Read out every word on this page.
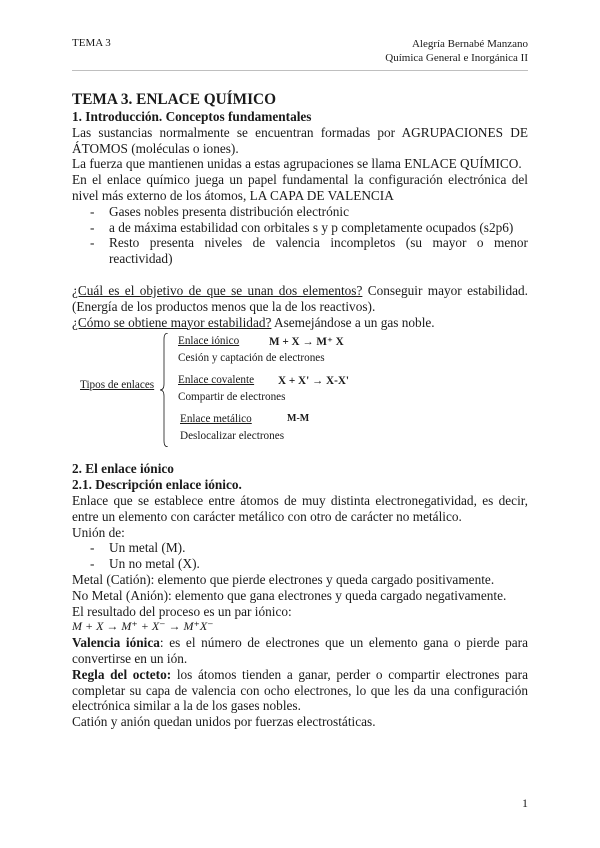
TEMA 3	Alegría Bernabé Manzano
Química General e Inorgánica II

TEMA 3. ENLACE QUÍMICO

1. Introducción. Conceptos fundamentales

Las sustancias normalmente se encuentran formadas por AGRUPACIONES DE ÁTOMOS (moléculas o iones).

La fuerza que mantienen unidas a estas agrupaciones se llama ENLACE QUÍMICO.

En el enlace químico juega un papel fundamental la configuración electrónica del nivel más externo de los átomos, LA CAPA DE VALENCIA

- Gases nobles presenta distribución electrónic
- a de máxima estabilidad con orbitales s y p completamente ocupados (s2p6)
- Resto presenta niveles de valencia incompletos (su mayor o menor reactividad)

¿Cuál es el objetivo de que se unan dos elementos? Conseguir mayor estabilidad. (Energía de los productos menos que la de los reactivos).

¿Cómo se obtiene mayor estabilidad? Asemejándose a un gas noble.

Tipos de enlaces
Enlace iónico	M + X → M⁺ X
Cesión y captación de electrones
Enlace covalente X + X' → X-X'
Compartir de electrones
Enlace metálico	M-M
Deslocalizar electrones

2. El enlace iónico

2.1. Descripción enlace iónico.

Enlace que se establece entre átomos de muy distinta electronegatividad, es decir, entre un elemento con carácter metálico con otro de carácter no metálico.

Unión de:

- Un metal (M).
- Un no metal (X).

Metal (Catión): elemento que pierde electrones y queda cargado positivamente.

No Metal (Anión): elemento que gana electrones y queda cargado negativamente.

El resultado del proceso es un par iónico:

M + X → M⁺ + X⁻ → M⁺X⁻

Valencia iónica: es el número de electrones que un elemento gana o pierde para convertirse en un ión.

Regla del octeto: los átomos tienden a ganar, perder o compartir electrones para completar su capa de valencia con ocho electrones, lo que les da una configuración electrónica similar a la de los gases nobles.

Catión y anión quedan unidos por fuerzas electrostáticas.

1
